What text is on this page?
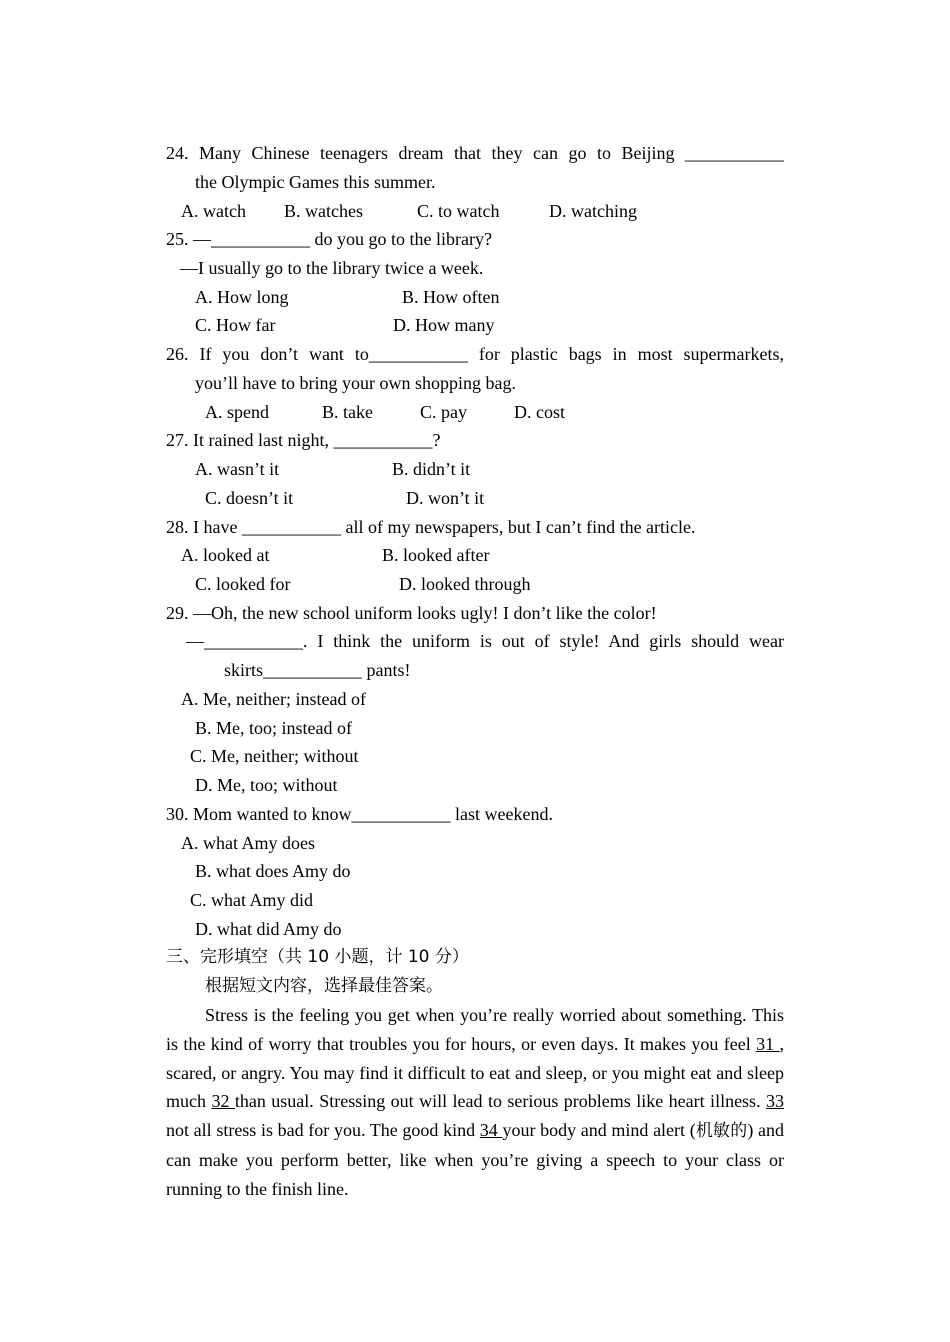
24. Many Chinese teenagers dream that they can go to Beijing ___________
the Olympic Games this summer.
A. watch B. watches	C. to watch	D. watching
25. —___________ do you go to the library?
—I usually go to the library twice a week.
A. How long	B. How often
C. How far	D. How many
26. If you don’t want to___________ for plastic bags in most supermarkets,
you’ll have to bring your own shopping bag.
A. spend	B. take	C. pay	D. cost
27. It rained last night, ___________?
A. wasn’t it	B. didn’t it
C. doesn’t it	D. won’t it
28. I have ___________ all of my newspapers, but I can’t find the article.
A. looked at	B. looked after
C. looked for	D. looked through
29. —Oh, the new school uniform looks ugly! I don’t like the color!
—___________. I think the uniform is out of style! And girls should wear
skirts___________ pants!
A. Me, neither; instead of
B. Me, too; instead of
C. Me, neither; without
D. Me, too; without
30. Mom wanted to know___________ last weekend.
A. what Amy does
B. what does Amy do
C. what Amy did
D. what did Amy do
三、完形填空（共 10 小题，计 10 分）
根据短文内容，选择最佳答案。
Stress is the feeling you get when you’re really worried about something. This is the kind of worry that troubles you for hours, or even days. It makes you feel 31 , scared, or angry. You may find it difficult to eat and sleep, or you might eat and sleep much 32 than usual. Stressing out will lead to serious problems like heart illness. 33 not all stress is bad for you. The good kind 34 your body and mind alert (机敏的) and can make you perform better, like when you’re giving a speech to your class or running to the finish line.
